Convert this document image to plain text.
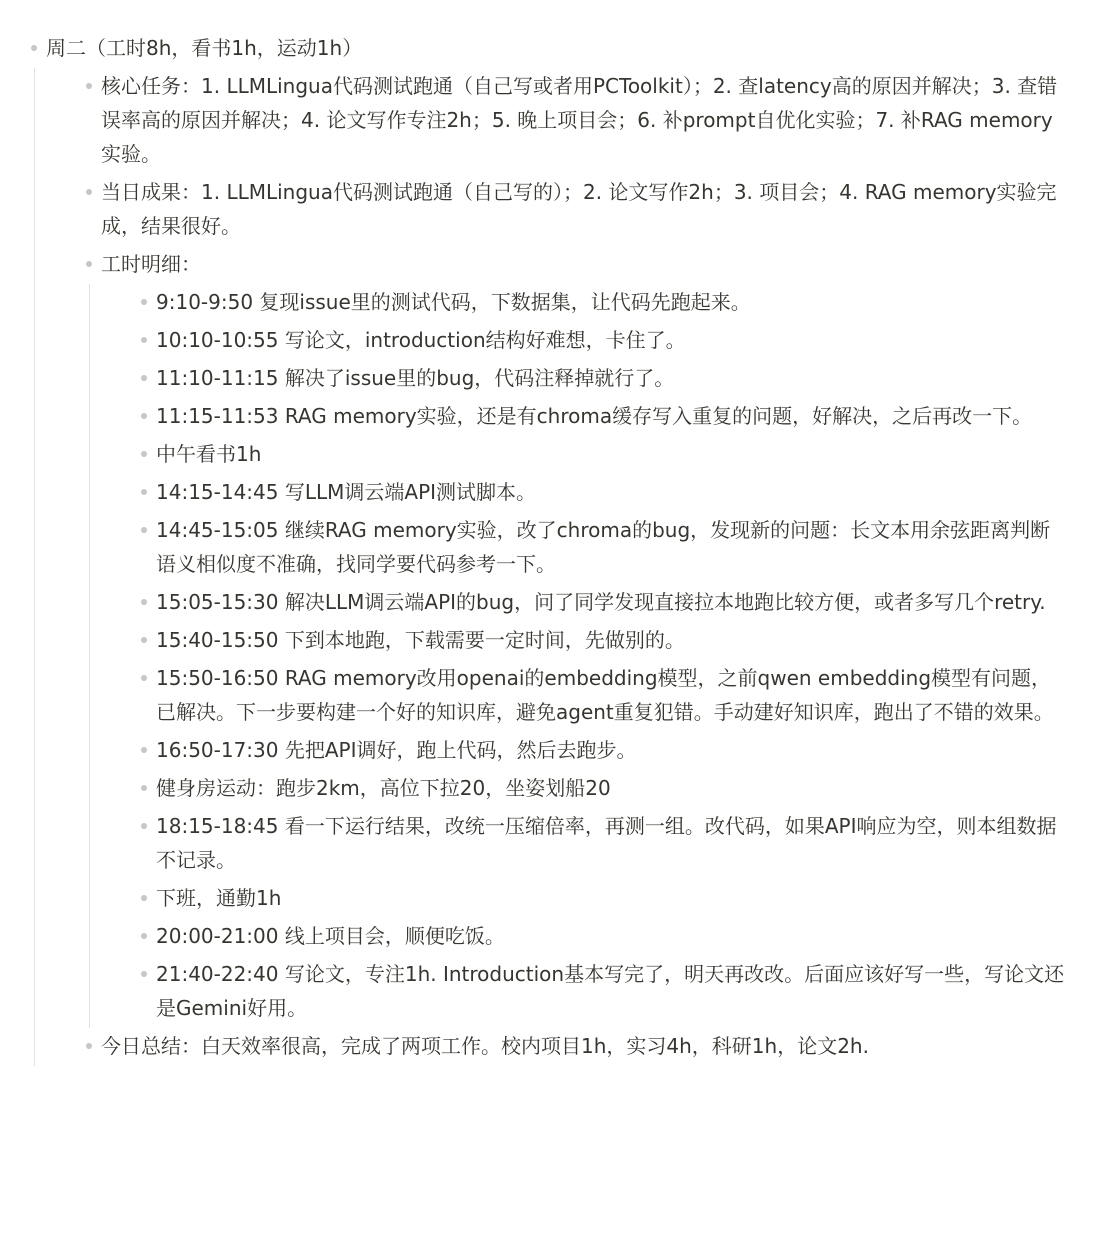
周二（工时8h，看书1h，运动1h）
核心任务：1. LLMLingua代码测试跑通（自己写或者用PCToolkit）；2. 查latency高的原因并解决；3. 查错误率高的原因并解决；4. 论文写作专注2h；5. 晚上项目会；6. 补prompt自优化实验；7. 补RAG memory实验。
当日成果：1. LLMLingua代码测试跑通（自己写的）；2. 论文写作2h；3. 项目会；4. RAG memory实验完成，结果很好。
工时明细：
9:10-9:50 复现issue里的测试代码，下数据集，让代码先跑起来。
10:10-10:55 写论文，introduction结构好难想，卡住了。
11:10-11:15 解决了issue里的bug，代码注释掉就行了。
11:15-11:53 RAG memory实验，还是有chroma缓存写入重复的问题，好解决，之后再改一下。
中午看书1h
14:15-14:45 写LLM调云端API测试脚本。
14:45-15:05 继续RAG memory实验，改了chroma的bug，发现新的问题：长文本用余弦距离判断语义相似度不准确，找同学要代码参考一下。
15:05-15:30 解决LLM调云端API的bug，问了同学发现直接拉本地跑比较方便，或者多写几个retry.
15:40-15:50 下到本地跑，下载需要一定时间，先做别的。
15:50-16:50 RAG memory改用openai的embedding模型，之前qwen embedding模型有问题，已解决。下一步要构建一个好的知识库，避免agent重复犯错。手动建好知识库，跑出了不错的效果。
16:50-17:30 先把API调好，跑上代码，然后去跑步。
健身房运动：跑步2km，高位下拉20，坐姿划船20
18:15-18:45 看一下运行结果，改统一压缩倍率，再测一组。改代码，如果API响应为空，则本组数据不记录。
下班，通勤1h
20:00-21:00 线上项目会，顺便吃饭。
21:40-22:40 写论文，专注1h. Introduction基本写完了，明天再改改。后面应该好写一些，写论文还是Gemini好用。
今日总结：白天效率很高，完成了两项工作。校内项目1h，实习4h，科研1h，论文2h.
